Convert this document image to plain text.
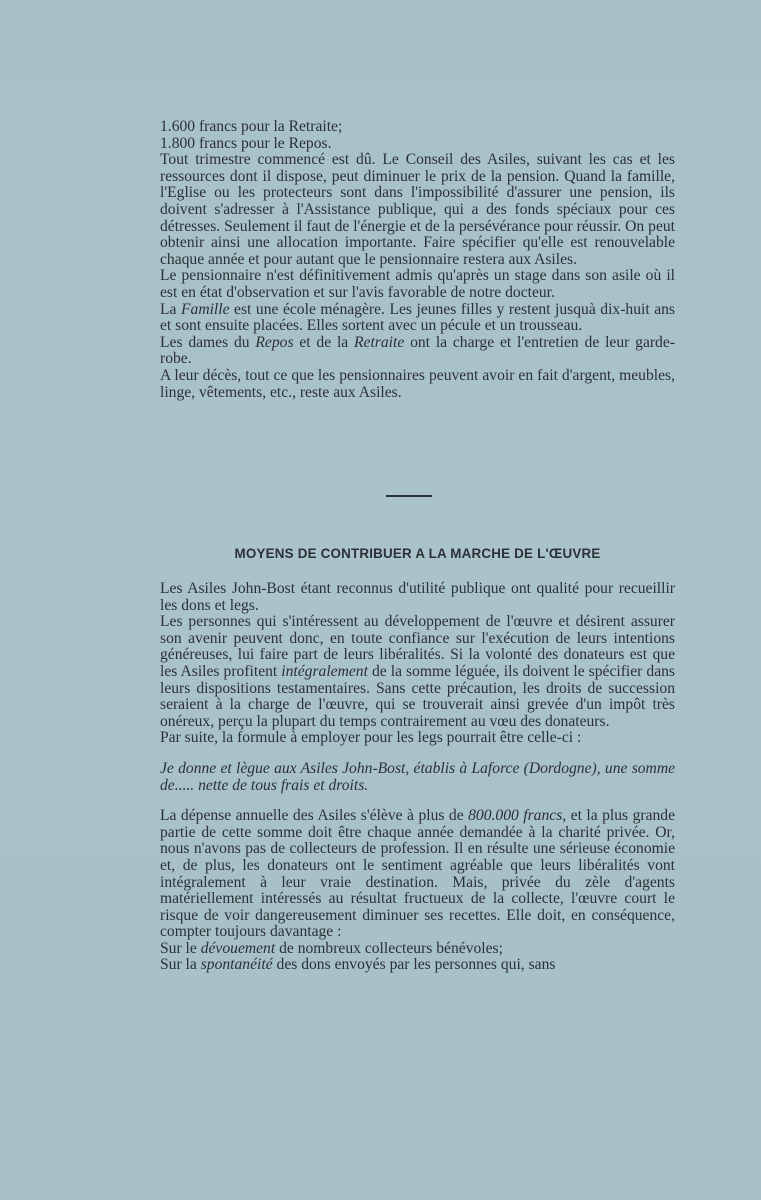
1.600 francs pour la Retraite;
1.800 francs pour le Repos.

Tout trimestre commencé est dû. Le Conseil des Asiles, suivant les cas et les ressources dont il dispose, peut diminuer le prix de la pension. Quand la famille, l'Eglise ou les protecteurs sont dans l'impossibilité d'assurer une pension, ils doivent s'adresser à l'Assistance publique, qui a des fonds spéciaux pour ces détresses. Seulement il faut de l'énergie et de la persévérance pour réussir. On peut obtenir ainsi une allocation importante. Faire spécifier qu'elle est renouvelable chaque année et pour autant que le pensionnaire restera aux Asiles.

Le pensionnaire n'est définitivement admis qu'après un stage dans son asile où il est en état d'observation et sur l'avis favorable de notre docteur.

La Famille est une école ménagère. Les jeunes filles y restent jusquà dix-huit ans et sont ensuite placées. Elles sortent avec un pécule et un trousseau.

Les dames du Repos et de la Retraite ont la charge et l'entretien de leur garde-robe.

A leur décès, tout ce que les pensionnaires peuvent avoir en fait d'argent, meubles, linge, vêtements, etc., reste aux Asiles.

MOYENS DE CONTRIBUER A LA MARCHE DE L'ŒUVRE

Les Asiles John-Bost étant reconnus d'utilité publique ont qualité pour recueillir les dons et legs.

Les personnes qui s'intéressent au développement de l'œuvre et désirent assurer son avenir peuvent donc, en toute confiance sur l'exécution de leurs intentions généreuses, lui faire part de leurs libéralités. Si la volonté des donateurs est que les Asiles profitent intégralement de la somme léguée, ils doivent le spécifier dans leurs dispositions testamentaires. Sans cette précaution, les droits de succession seraient à la charge de l'œuvre, qui se trouverait ainsi grevée d'un impôt très onéreux, perçu la plupart du temps contrairement au vœu des donateurs.

Par suite, la formule à employer pour les legs pourrait être celle-ci :

Je donne et lègue aux Asiles John-Bost, établis à Laforce (Dordogne), une somme de..... nette de tous frais et droits.

La dépense annuelle des Asiles s'élève à plus de 800.000 francs, et la plus grande partie de cette somme doit être chaque année demandée à la charité privée. Or, nous n'avons pas de collecteurs de profession. Il en résulte une sérieuse économie et, de plus, les donateurs ont le sentiment agréable que leurs libéralités vont intégralement à leur vraie destination. Mais, privée du zèle d'agents matériellement intéressés au résultat fructueux de la collecte, l'œuvre court le risque de voir dangereusement diminuer ses recettes. Elle doit, en conséquence, compter toujours davantage :

Sur le dévouement de nombreux collecteurs bénévoles;

Sur la spontanéité des dons envoyés par les personnes qui, sans
